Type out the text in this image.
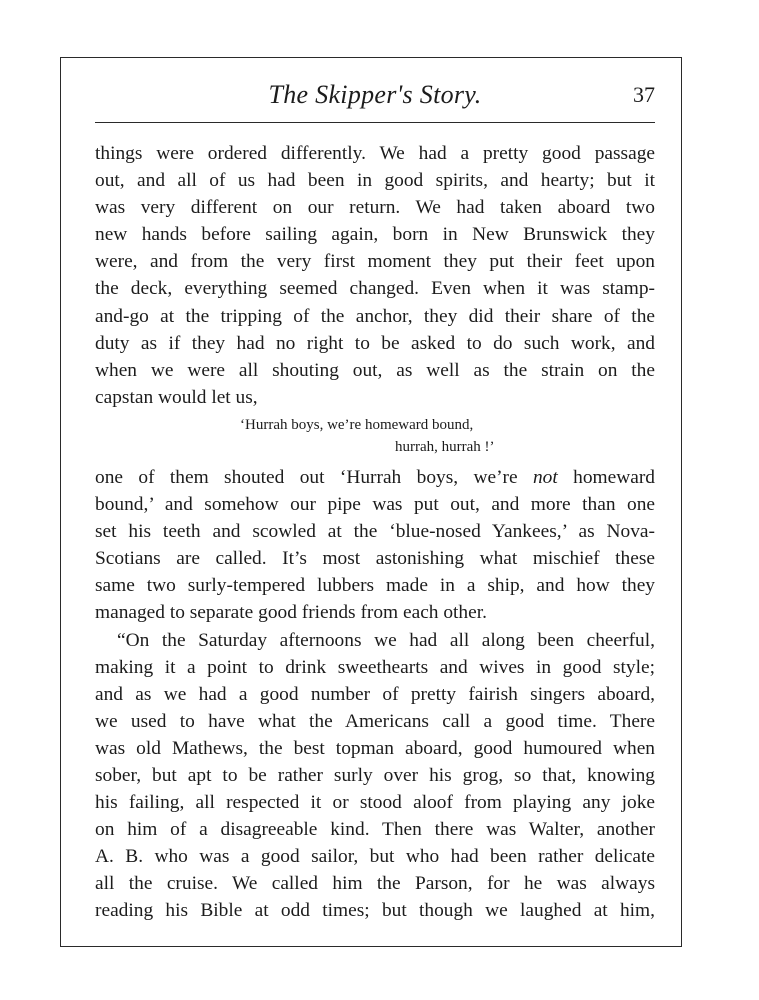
The Skipper's Story.	37

things were ordered differently. We had a pretty good passage
out, and all of us had been in good spirits, and hearty; but it
was very different on our return. We had taken aboard two
new hands before sailing again, born in New Brunswick they
were, and from the very first moment they put their feet upon
the deck, everything seemed changed. Even when it was stamp-
and-go at the tripping of the anchor, they did their share of the
duty as if they had no right to be asked to do such work, and
when we were all shouting out, as well as the strain on the
capstan would let us,

‘Hurrah boys, we’re homeward bound,
hurrah, hurrah !’

one of them shouted out ‘Hurrah boys, we’re not homeward
bound,’ and somehow our pipe was put out, and more than one
set his teeth and scowled at the ‘blue-nosed Yankees,’ as Nova-
Scotians are called. It’s most astonishing what mischief these
same two surly-tempered lubbers made in a ship, and how they
managed to separate good friends from each other.

“On the Saturday afternoons we had all along been cheerful,
making it a point to drink sweethearts and wives in good style;
and as we had a good number of pretty fairish singers aboard,
we used to have what the Americans call a good time. There
was old Mathews, the best topman aboard, good humoured when
sober, but apt to be rather surly over his grog, so that, knowing
his failing, all respected it or stood aloof from playing any joke
on him of a disagreeable kind. Then there was Walter, another
A. B. who was a good sailor, but who had been rather delicate
all the cruise. We called him the Parson, for he was always
reading his Bible at odd times; but though we laughed at him,
